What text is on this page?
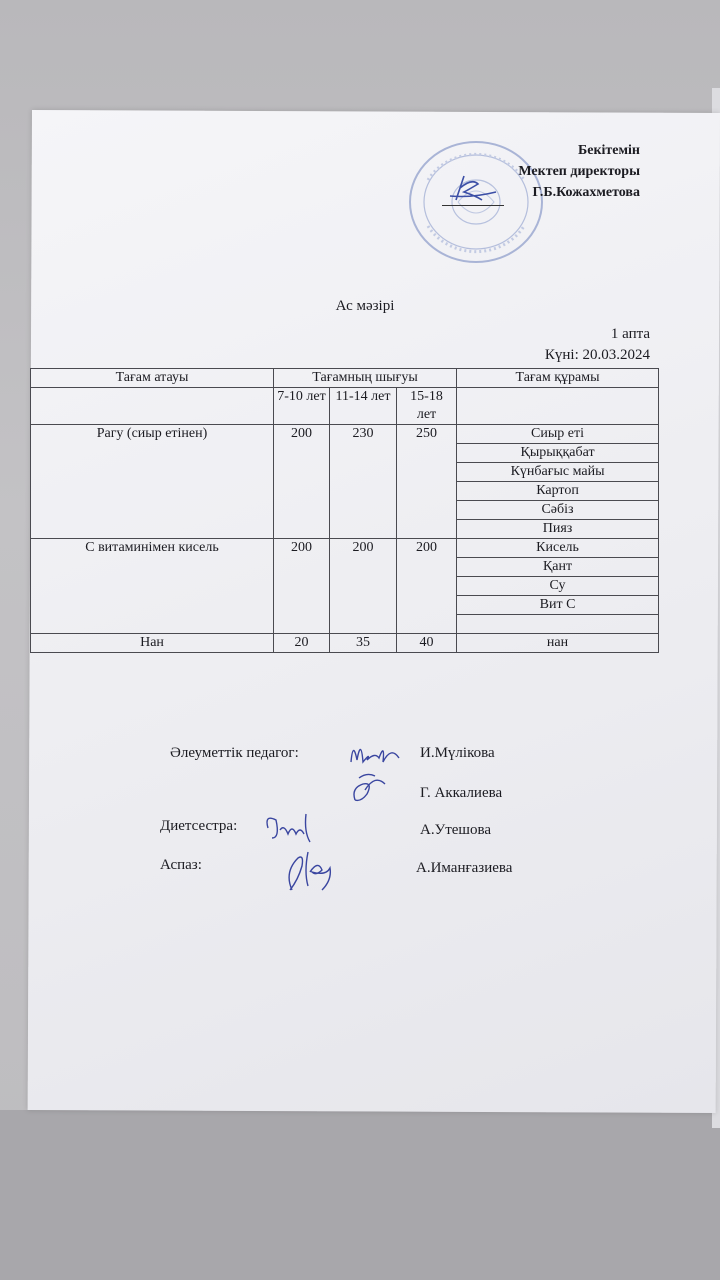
Бекітемін
Мектеп директоры
Г.Б.Кожахметова
Ас мәзірі
1 апта
Күні: 20.03.2024
Тағам атауы	Тағамның шығуы			Тағам құрамы
	7-10 лет	11-14 лет	15-18 лет	
Рагу (сиыр етінен)	200	230	250	Сиыр еті
				Қырыққабат
				Күнбағыс майы
				Картоп
				Сәбіз
				Пияз
С витаминімен кисель	200	200	200	Кисель
				Қант
				Су
				Вит С

Нан	20	35	40	нан
Әлеуметтік педагог:	И.Мүлікова
Г. Аккалиева
Диетсестра:	А.Утешова
Аспаз:	А.Иманғазиева
